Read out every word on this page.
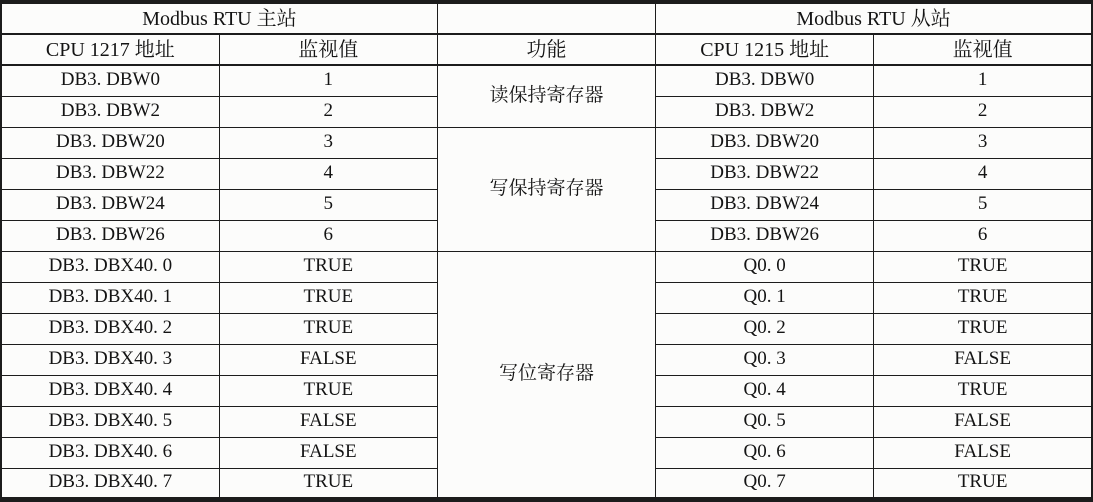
Modbus RTU 主站			Modbus RTU 从站	
CPU 1217 地址	监视值	功能	CPU 1215 地址	监视值
DB3. DBW0	1	读保持寄存器	DB3. DBW0	1
DB3. DBW2	2		DB3. DBW2	2
DB3. DBW20	3	写保持寄存器	DB3. DBW20	3
DB3. DBW22	4		DB3. DBW22	4
DB3. DBW24	5		DB3. DBW24	5
DB3. DBW26	6		DB3. DBW26	6
DB3. DBX40. 0	TRUE	写位寄存器	Q0. 0	TRUE
DB3. DBX40. 1	TRUE		Q0. 1	TRUE
DB3. DBX40. 2	TRUE		Q0. 2	TRUE
DB3. DBX40. 3	FALSE		Q0. 3	FALSE
DB3. DBX40. 4	TRUE		Q0. 4	TRUE
DB3. DBX40. 5	FALSE		Q0. 5	FALSE
DB3. DBX40. 6	FALSE		Q0. 6	FALSE
DB3. DBX40. 7	TRUE		Q0. 7	TRUE
